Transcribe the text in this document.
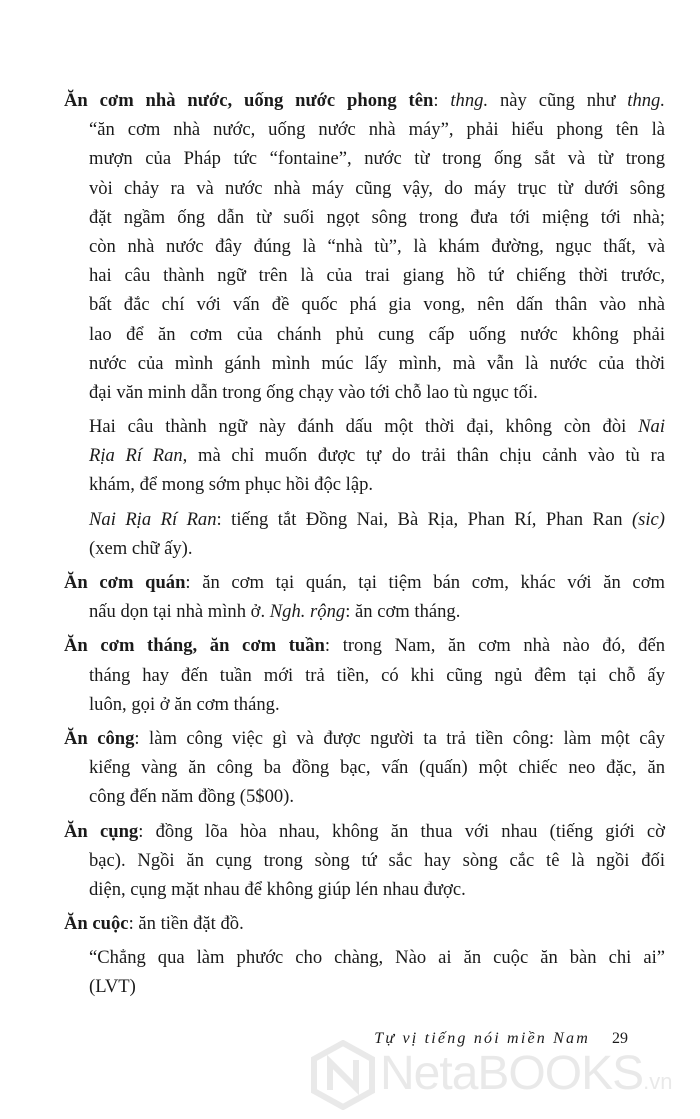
Ăn cơm nhà nước, uống nước phong tên: thng. này cũng như thng.
“ăn cơm nhà nước, uống nước nhà máy”, phải hiểu phong tên là
mượn của Pháp tức “fontaine”, nước từ trong ống sắt và từ trong
vòi chảy ra và nước nhà máy cũng vậy, do máy trục từ dưới sông
đặt ngầm ống dẫn từ suối ngọt sông trong đưa tới miệng tới nhà;
còn nhà nước đây đúng là “nhà tù”, là khám đường, ngục thất, và
hai câu thành ngữ trên là của trai giang hồ tứ chiếng thời trước,
bất đắc chí với vấn đề quốc phá gia vong, nên dấn thân vào nhà
lao để ăn cơm của chánh phủ cung cấp uống nước không phải
nước của mình gánh mình múc lấy mình, mà vẫn là nước của thời
đại văn minh dẫn trong ống chạy vào tới chỗ lao tù ngục tối.
Hai câu thành ngữ này đánh dấu một thời đại, không còn đòi Nai
Rịa Rí Ran, mà chỉ muốn được tự do trải thân chịu cảnh vào tù ra
khám, để mong sớm phục hồi độc lập.
Nai Rịa Rí Ran: tiếng tắt Đồng Nai, Bà Rịa, Phan Rí, Phan Ran (sic)
(xem chữ ấy).
Ăn cơm quán: ăn cơm tại quán, tại tiệm bán cơm, khác với ăn cơm
nấu dọn tại nhà mình ở. Ngh. rộng: ăn cơm tháng.
Ăn cơm tháng, ăn cơm tuần: trong Nam, ăn cơm nhà nào đó, đến
tháng hay đến tuần mới trả tiền, có khi cũng ngủ đêm tại chỗ ấy
luôn, gọi ở ăn cơm tháng.
Ăn công: làm công việc gì và được người ta trả tiền công: làm một cây
kiểng vàng ăn công ba đồng bạc, vấn (quấn) một chiếc neo đặc, ăn
công đến năm đồng (5$00).
Ăn cụng: đồng lõa hòa nhau, không ăn thua với nhau (tiếng giới cờ
bạc). Ngồi ăn cụng trong sòng tứ sắc hay sòng cắc tê là ngồi đối
diện, cụng mặt nhau để không giúp lén nhau được.
Ăn cuộc: ăn tiền đặt đồ.
“Chẳng qua làm phước cho chàng, Nào ai ăn cuộc ăn bàn chi ai”
(LVT)
Tự vị tiếng nói miền Nam 29
NetaBOOKS.vn
